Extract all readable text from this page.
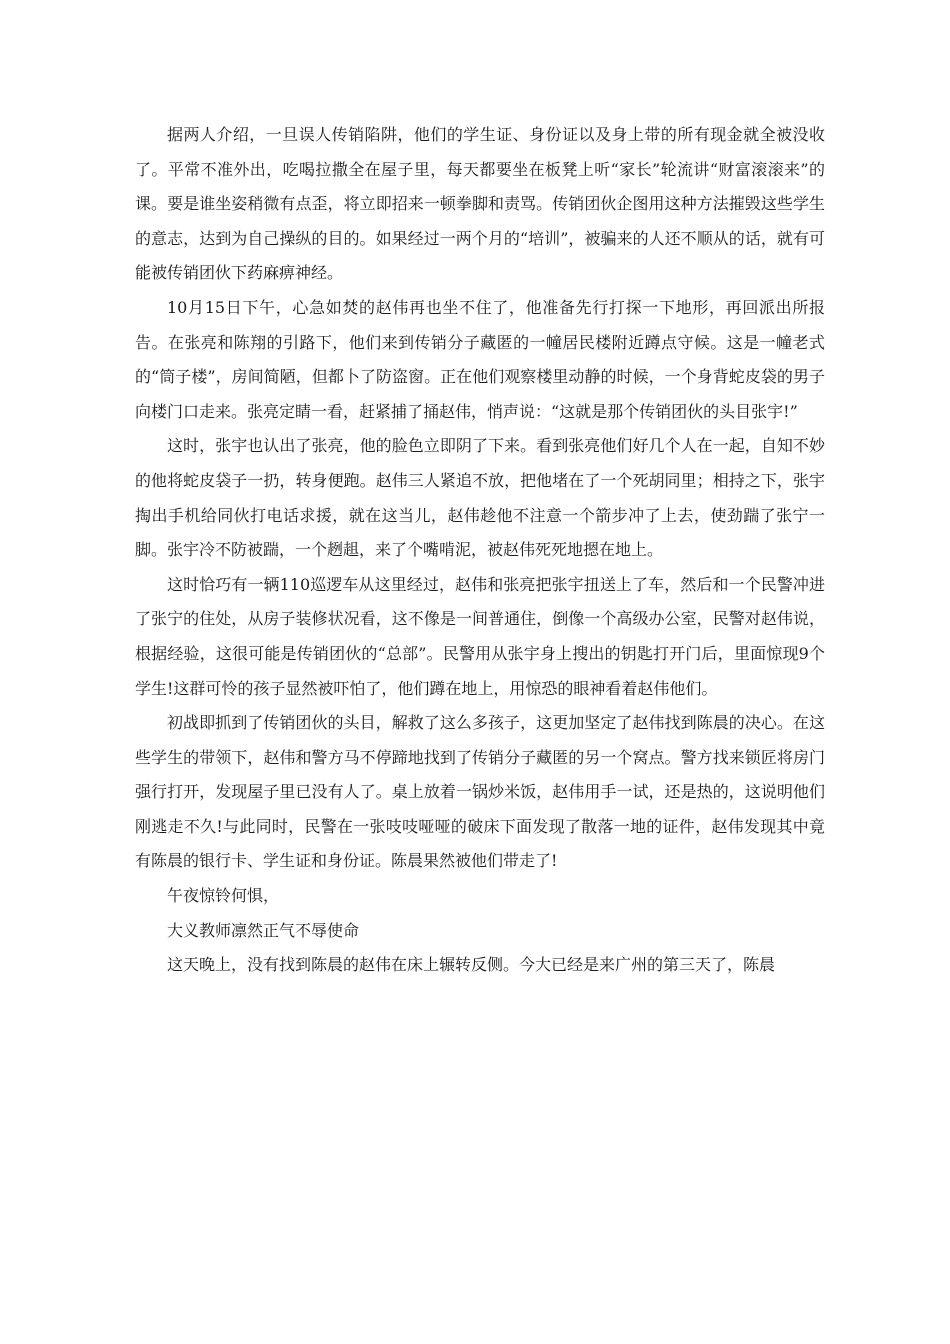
据两人介绍，一旦误人传销陷阱，他们的学生证、身份证以及身上带的所有现金就全被没收了。平常不准外出，吃喝拉撒全在屋子里，每天都要坐在板凳上听“家长”轮流讲“财富滚滚来”的课。要是谁坐姿稍微有点歪，将立即招来一顿拳脚和责骂。传销团伙企图用这种方法摧毁这些学生的意志，达到为自己操纵的目的。如果经过一两个月的“培训”，被骗来的人还不顺从的话，就有可能被传销团伙下药麻痹神经。

10月15日下午，心急如焚的赵伟再也坐不住了，他准备先行打探一下地形，再回派出所报告。在张亮和陈翔的引路下，他们来到传销分子藏匿的一幢居民楼附近蹲点守候。这是一幢老式的“筒子楼”，房间简陋，但都卜了防盗窗。正在他们观察楼里动静的时候，一个身背蛇皮袋的男子向楼门口走来。张亮定睛一看，赶紧捕了捅赵伟，悄声说：“这就是那个传销团伙的头目张宇!”

这时，张宇也认出了张亮，他的脸色立即阴了下来。看到张亮他们好几个人在一起，自知不妙的他将蛇皮袋子一扔，转身便跑。赵伟三人紧追不放，把他堵在了一个死胡同里；相持之下，张宇掏出手机给同伙打电话求援，就在这当儿，赵伟趁他不注意一个箭步冲了上去，使劲踹了张宁一脚。张宇冷不防被踹，一个趔趄，来了个嘴啃泥，被赵伟死死地摁在地上。

这时恰巧有一辆110巡逻车从这里经过，赵伟和张亮把张宇扭送上了车，然后和一个民警冲进了张宁的住处，从房子装修状况看，这不像是一间普通住，倒像一个高级办公室，民警对赵伟说，根据经验，这很可能是传销团伙的“总部”。民警用从张宇身上搜出的钥匙打开门后，里面惊现9个学生!这群可怜的孩子显然被吓怕了，他们蹲在地上，用惊恐的眼神看着赵伟他们。

初战即抓到了传销团伙的头目，解救了这么多孩子，这更加坚定了赵伟找到陈晨的决心。在这些学生的带领下，赵伟和警方马不停蹄地找到了传销分子藏匿的另一个窝点。警方找来锁匠将房门强行打开，发现屋子里已没有人了。桌上放着一锅炒米饭，赵伟用手一试，还是热的，这说明他们刚逃走不久!与此同时，民警在一张吱吱哑哑的破床下面发现了散落一地的证件，赵伟发现其中竟有陈晨的银行卡、学生证和身份证。陈晨果然被他们带走了!

午夜惊铃何惧，

大义教师凛然正气不辱使命

这天晚上，没有找到陈晨的赵伟在床上辗转反侧。今大已经是来广州的第三天了，陈晨
